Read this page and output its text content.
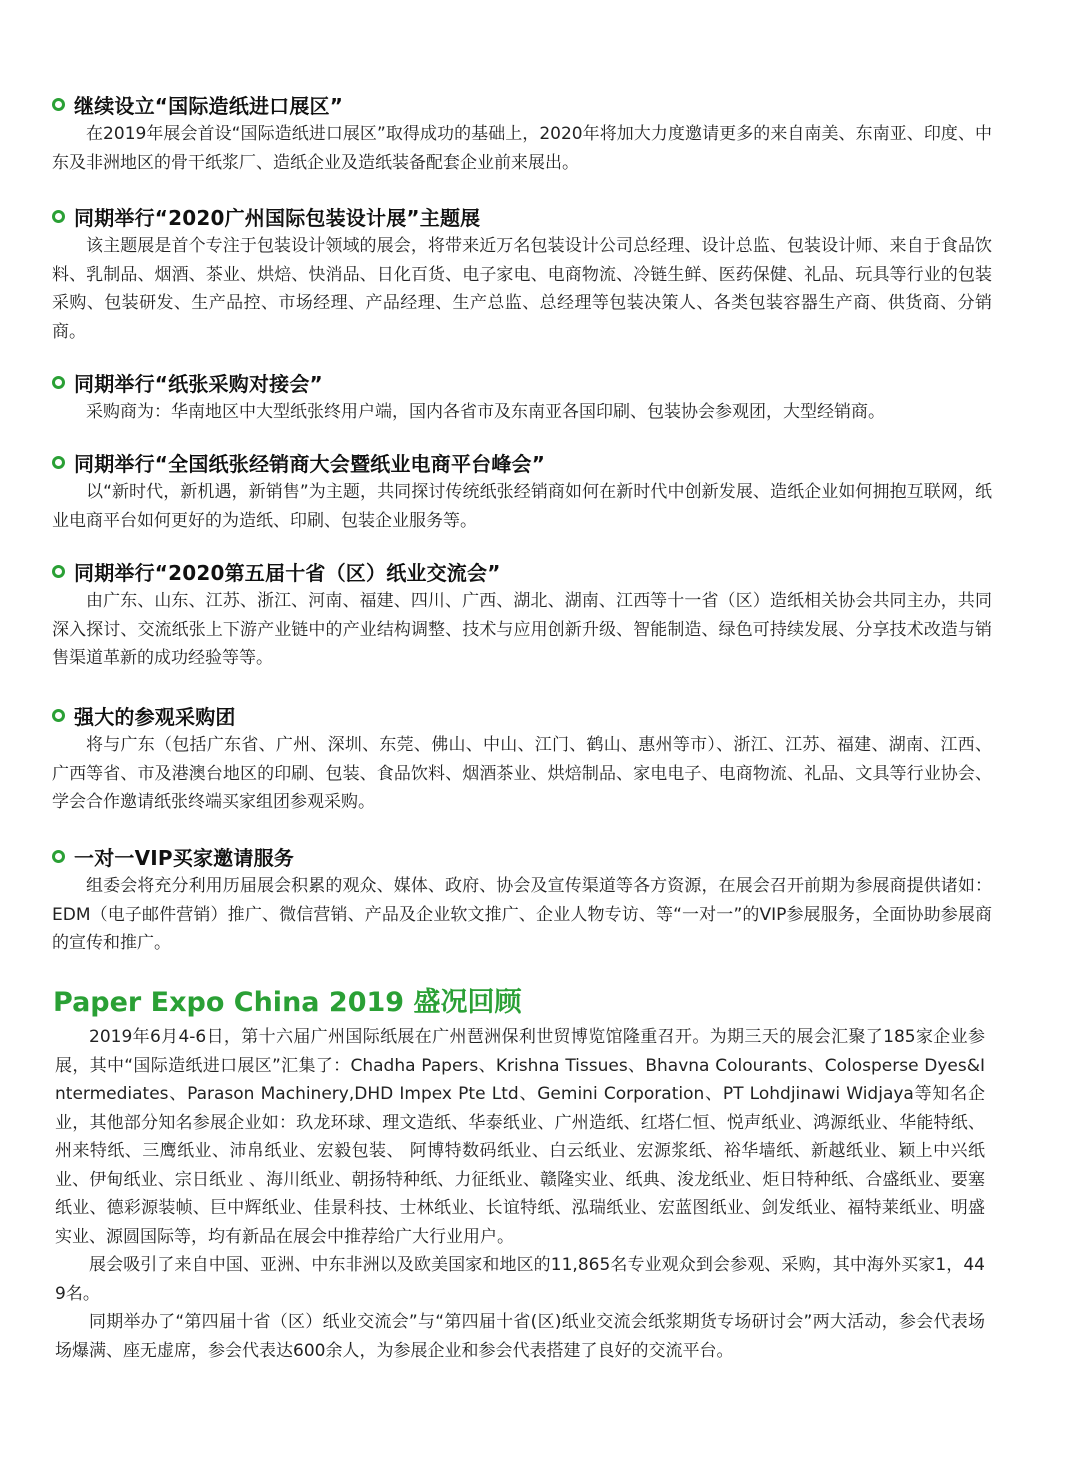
继续设立“国际造纸进口展区”

在2019年展会首设“国际造纸进口展区”取得成功的基础上，2020年将加大力度邀请更多的来自南美、东南亚、印度、中东及非洲地区的骨干纸浆厂、造纸企业及造纸装备配套企业前来展出。

同期举行“2020广州国际包装设计展”主题展

该主题展是首个专注于包装设计领域的展会，将带来近万名包装设计公司总经理、设计总监、包装设计师、来自于食品饮料、乳制品、烟酒、茶业、烘焙、快消品、日化百货、电子家电、电商物流、冷链生鲜、医药保健、礼品、玩具等行业的包装采购、包装研发、生产品控、市场经理、产品经理、生产总监、总经理等包装决策人、各类包装容器生产商、供货商、分销商。

同期举行“纸张采购对接会”

采购商为：华南地区中大型纸张终用户端，国内各省市及东南亚各国印刷、包装协会参观团，大型经销商。

同期举行“全国纸张经销商大会暨纸业电商平台峰会”

以“新时代，新机遇，新销售”为主题，共同探讨传统纸张经销商如何在新时代中创新发展、造纸企业如何拥抱互联网，纸业电商平台如何更好的为造纸、印刷、包装企业服务等。

同期举行“2020第五届十省（区）纸业交流会”

由广东、山东、江苏、浙江、河南、福建、四川、广西、湖北、湖南、江西等十一省（区）造纸相关协会共同主办，共同深入探讨、交流纸张上下游产业链中的产业结构调整、技术与应用创新升级、智能制造、绿色可持续发展、分享技术改造与销售渠道革新的成功经验等等。

强大的参观采购团

将与广东（包括广东省、广州、深圳、东莞、佛山、中山、江门、鹤山、惠州等市）、浙江、江苏、福建、湖南、江西、广西等省、市及港澳台地区的印刷、包装、食品饮料、烟酒茶业、烘焙制品、家电电子、电商物流、礼品、文具等行业协会、学会合作邀请纸张终端买家组团参观采购。

一对一VIP买家邀请服务

组委会将充分利用历届展会积累的观众、媒体、政府、协会及宣传渠道等各方资源，在展会召开前期为参展商提供诸如：EDM（电子邮件营销）推广、微信营销、产品及企业软文推广、企业人物专访、等“一对一”的VIP参展服务，全面协助参展商的宣传和推广。

Paper Expo China 2019 盛况回顾

2019年6月4-6日，第十六届广州国际纸展在广州琶洲保利世贸博览馆隆重召开。为期三天的展会汇聚了185家企业参展，其中“国际造纸进口展区”汇集了：Chadha Papers、Krishna Tissues、Bhavna Colourants、Colosperse Dyes&Intermediates、Parason Machinery,DHD Impex Pte Ltd、Gemini Corporation、PT Lohdjinawi Widjaya等知名企业，其他部分知名参展企业如：玖龙环球、理文造纸、华泰纸业、广州造纸、红塔仁恒、悦声纸业、鸿源纸业、华能特纸、州来特纸、三鹰纸业、沛帛纸业、宏毅包装、 阿博特数码纸业、白云纸业、宏源浆纸、裕华墙纸、新越纸业、颖上中兴纸业、伊甸纸业、宗日纸业 、海川纸业、朝扬特种纸、力征纸业、赣隆实业、纸典、浚龙纸业、炬日特种纸、合盛纸业、要塞纸业、德彩源装帧、巨中辉纸业、佳景科技、士林纸业、长谊特纸、泓瑞纸业、宏蓝图纸业、剑发纸业、福特莱纸业、明盛实业、源圆国际等，均有新品在展会中推荐给广大行业用户。

展会吸引了来自中国、亚洲、中东非洲以及欧美国家和地区的11,865名专业观众到会参观、采购，其中海外买家1，449名。

同期举办了“第四届十省（区）纸业交流会”与“第四届十省(区)纸业交流会纸浆期货专场研讨会”两大活动，参会代表场场爆满、座无虚席，参会代表达600余人，为参展企业和参会代表搭建了良好的交流平台。
